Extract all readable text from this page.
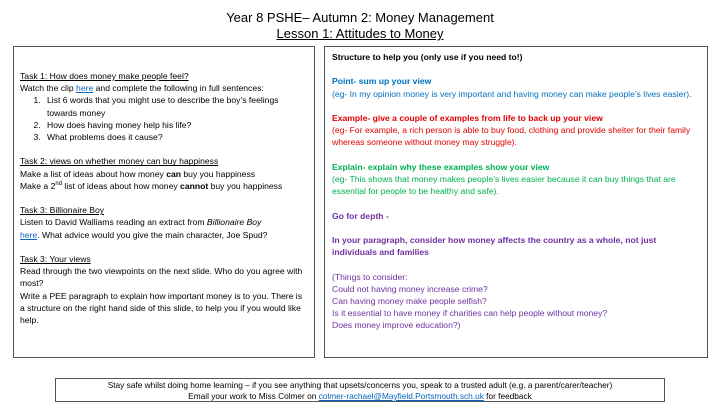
Year 8 PSHE– Autumn 2: Money Management
Lesson 1: Attitudes to Money
Task 1: How does money make people feel?
Watch the clip here and complete the following in full sentences:
1. List 6 words that you might use to describe the boy’s feelings towards money
2. How does having money help his life?
3. What problems does it cause?
Task 2: views on whether money can buy happiness
Make a list of ideas about how money can buy you happiness
Make a 2nd list of ideas about how money cannot buy you happiness
Task 3: Billionaire Boy
Listen to David Walliams reading an extract from Billionaire Boy
here. What advice would you give the main character, Joe Spud?
Task 3: Your views
Read through the two viewpoints on the next slide. Who do you agree with most?
Write a PEE paragraph to explain how important money is to you. There is a structure on the right hand side of this slide, to help you if you would like help.
Structure to help you (only use if you need to!)
Point- sum up your view
(eg- In my opinion money is very important and having money can make people’s lives easier).
Example- give a couple of examples from life to back up your view
(eg- For example, a rich person is able to buy food, clothing and provide shelter for their family whereas someone without money may struggle).
Explain- explain why these examples show your view
(eg- This shows that money makes people’s lives easier because it can buy things that are essential for people to be healthy and safe).
Go for depth -
In your paragraph, consider how money affects the country as a whole, not just individuals and families
(Things to consider:
Could not having money increase crime?
Can having money make people selfish?
Is it essential to have money if charities can help people without money?
Does money improve education?)
Stay safe whilst doing home learning – if you see anything that upsets/concerns you, speak to a trusted adult (e.g. a parent/carer/teacher)
Email your work to Miss Colmer on colmer-rachael@Mayfield.Portsmouth.sch.uk for feedback
